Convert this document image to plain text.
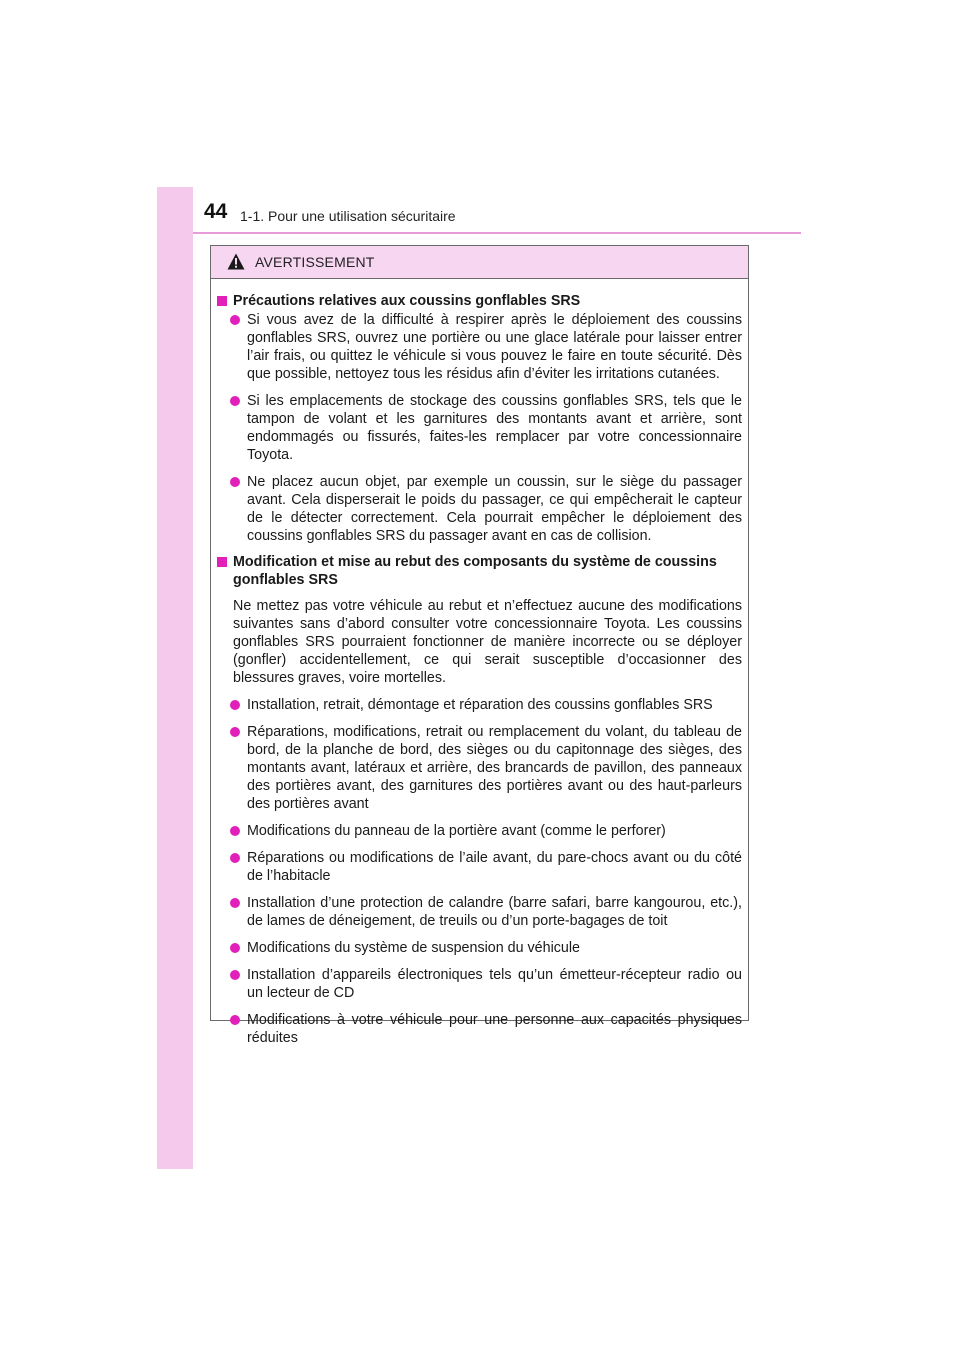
44 1-1. Pour une utilisation sécuritaire
AVERTISSEMENT
Précautions relatives aux coussins gonflables SRS
Si vous avez de la difficulté à respirer après le déploiement des coussins gonflables SRS, ouvrez une portière ou une glace latérale pour laisser entrer l’air frais, ou quittez le véhicule si vous pouvez le faire en toute sécurité. Dès que possible, nettoyez tous les résidus afin d’éviter les irritations cutanées.
Si les emplacements de stockage des coussins gonflables SRS, tels que le tampon de volant et les garnitures des montants avant et arrière, sont endommagés ou fissurés, faites-les remplacer par votre concessionnaire Toyota.
Ne placez aucun objet, par exemple un coussin, sur le siège du passager avant. Cela disperserait le poids du passager, ce qui empêcherait le capteur de le détecter correctement. Cela pourrait empêcher le déploiement des coussins gonflables SRS du passager avant en cas de collision.
Modification et mise au rebut des composants du système de coussins gonflables SRS
Ne mettez pas votre véhicule au rebut et n’effectuez aucune des modifications suivantes sans d’abord consulter votre concessionnaire Toyota. Les coussins gonflables SRS pourraient fonctionner de manière incorrecte ou se déployer (gonfler) accidentellement, ce qui serait susceptible d’occasionner des blessures graves, voire mortelles.
Installation, retrait, démontage et réparation des coussins gonflables SRS
Réparations, modifications, retrait ou remplacement du volant, du tableau de bord, de la planche de bord, des sièges ou du capitonnage des sièges, des montants avant, latéraux et arrière, des brancards de pavillon, des panneaux des portières avant, des garnitures des portières avant ou des haut-parleurs des portières avant
Modifications du panneau de la portière avant (comme le perforer)
Réparations ou modifications de l’aile avant, du pare-chocs avant ou du côté de l’habitacle
Installation d’une protection de calandre (barre safari, barre kangourou, etc.), de lames de déneigement, de treuils ou d’un porte-bagages de toit
Modifications du système de suspension du véhicule
Installation d’appareils électroniques tels qu’un émetteur-récepteur radio ou un lecteur de CD
Modifications à votre véhicule pour une personne aux capacités physiques réduites
